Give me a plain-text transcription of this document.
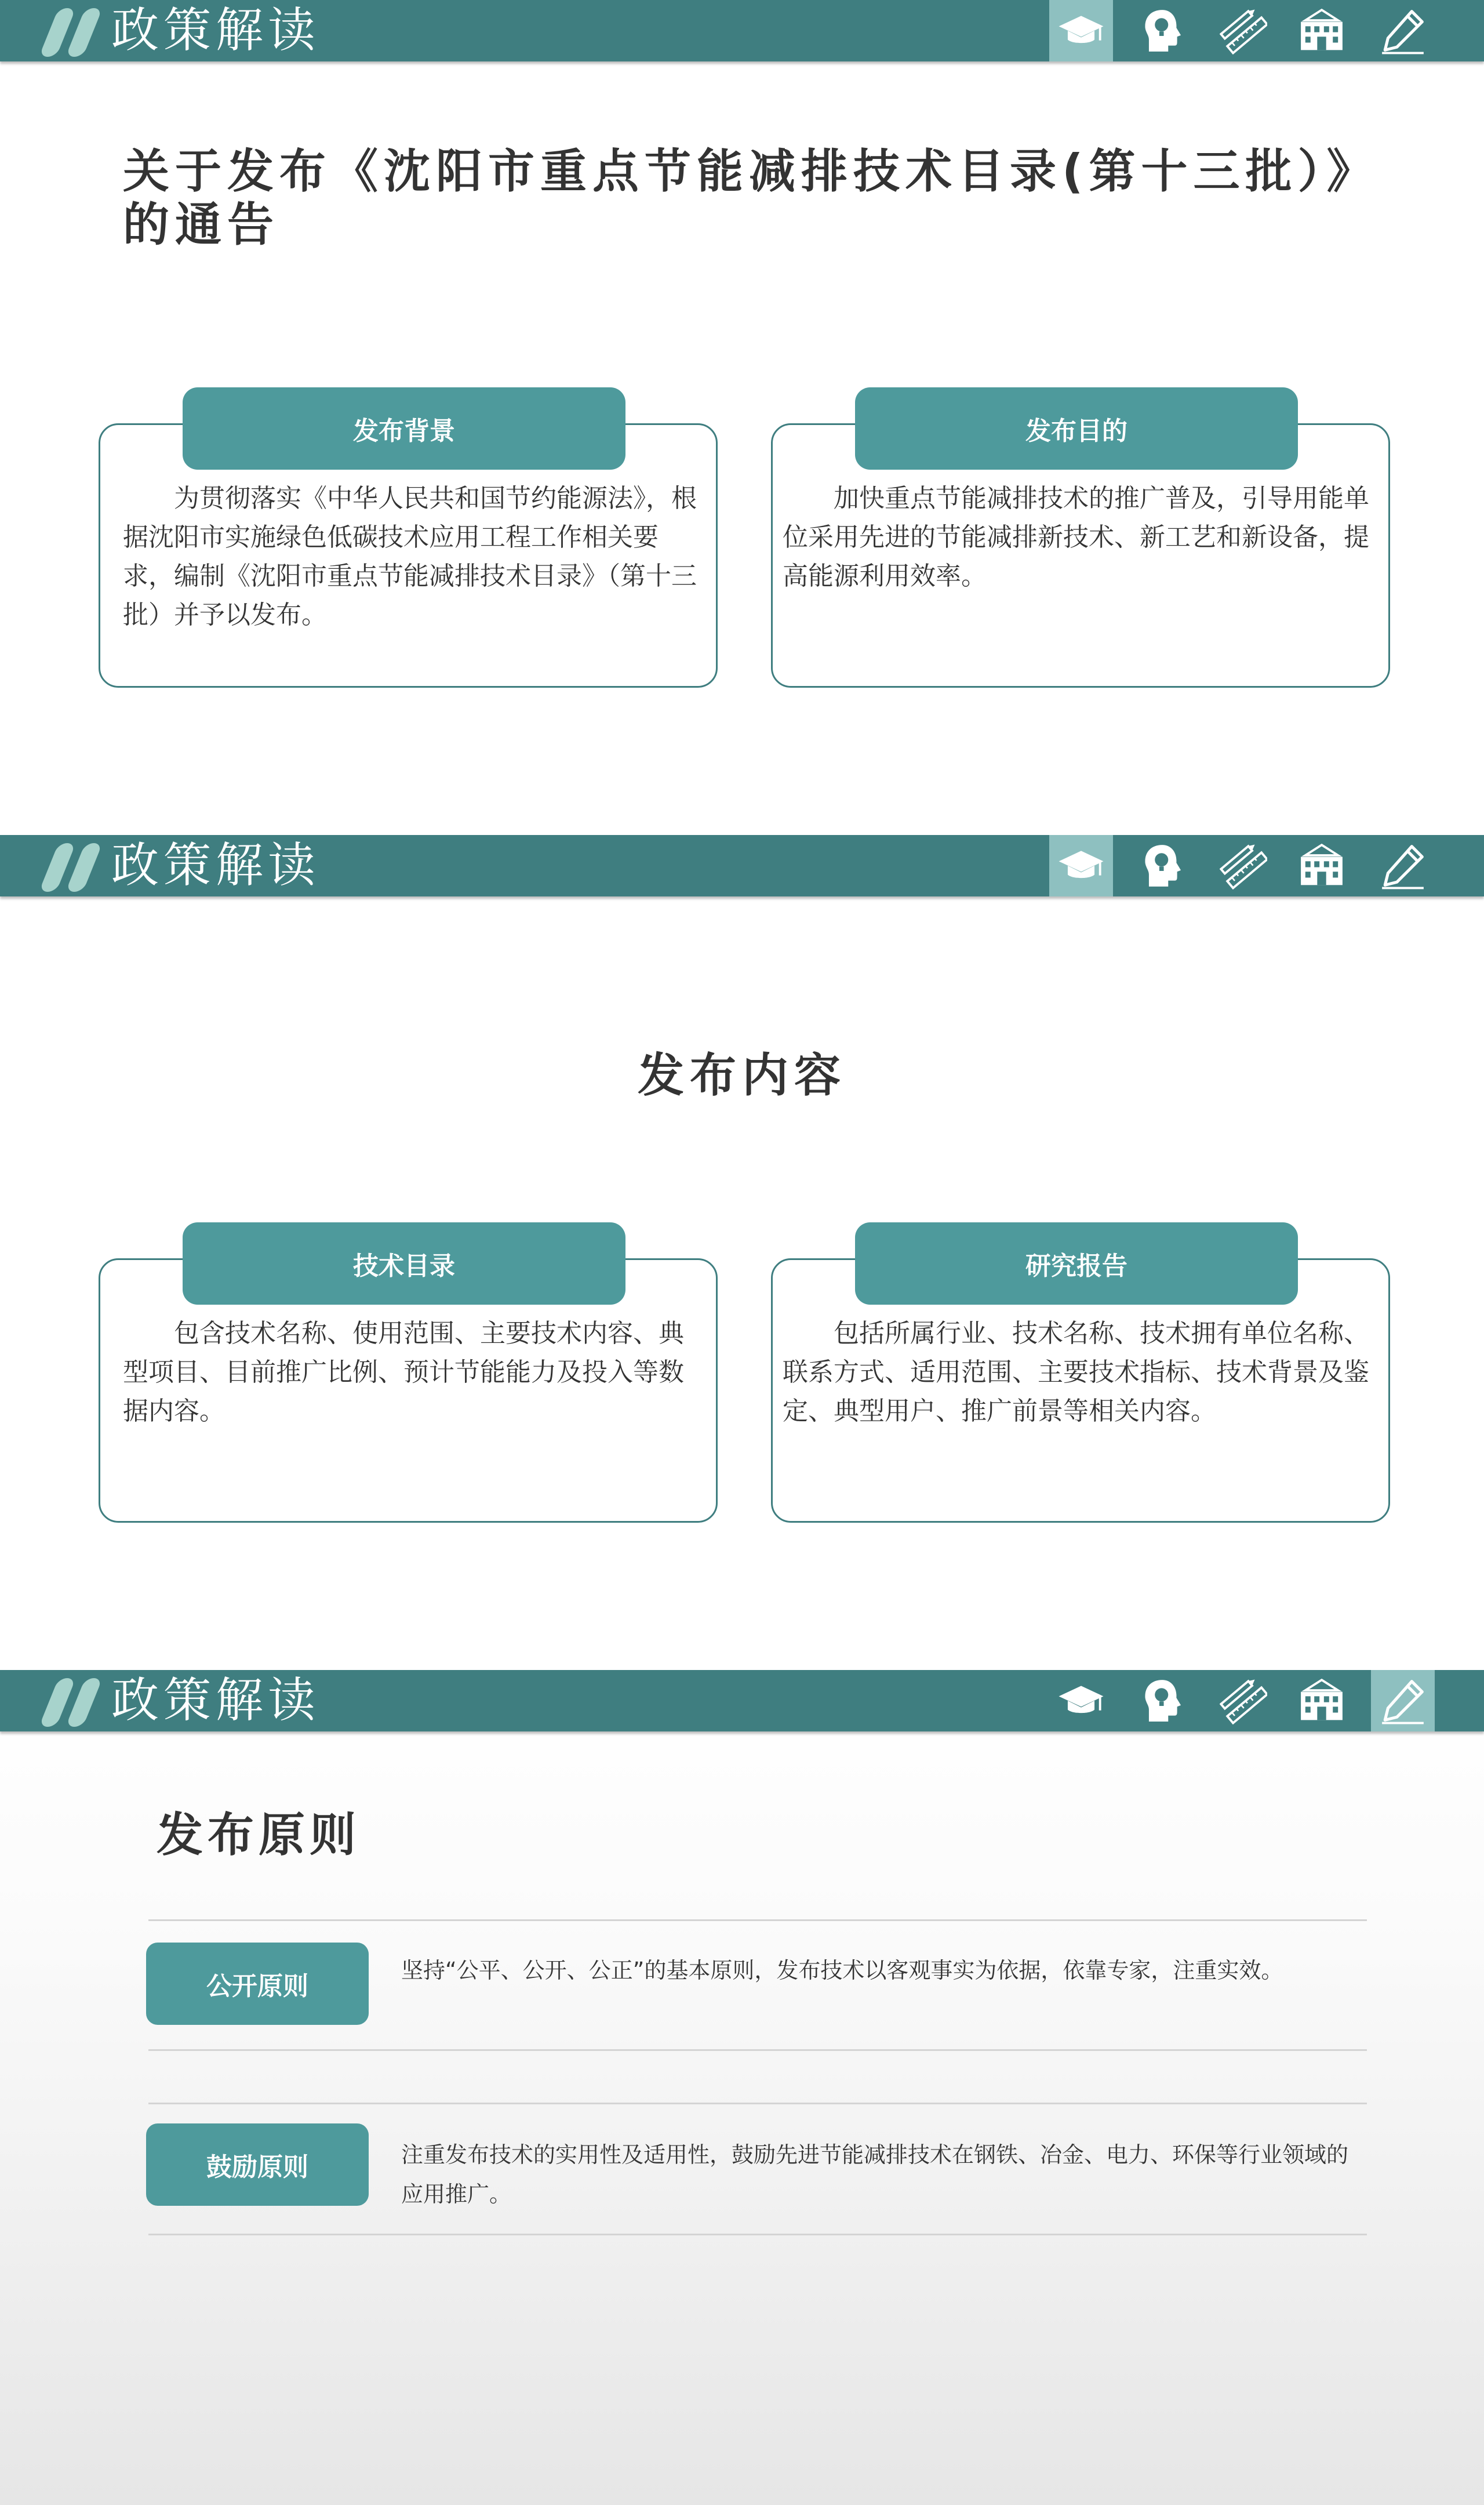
政策解读
关于发布《沈阳市重点节能减排技术目录(第十三批）》的通告
发布背景
为贯彻落实《中华人民共和国节约能源法》，根据沈阳市实施绿色低碳技术应用工程工作相关要求，编制《沈阳市重点节能减排技术目录》（第十三批）并予以发布。
发布目的
加快重点节能减排技术的推广普及，引导用能单位采用先进的节能减排新技术、新工艺和新设备，提高能源利用效率。
政策解读
发布内容
技术目录
包含技术名称、使用范围、主要技术内容、典型项目、目前推广比例、预计节能能力及投入等数据内容。
研究报告
包括所属行业、技术名称、技术拥有单位名称、联系方式、适用范围、主要技术指标、技术背景及鉴定、典型用户、推广前景等相关内容。
政策解读
发布原则
公开原则
坚持“公平、公开、公正”的基本原则，发布技术以客观事实为依据，依靠专家，注重实效。
鼓励原则	注重发布技术的实用性及适用性，鼓励先进节能减排技术在钢铁、冶金、电力、环保等行业领域的应用推广。
